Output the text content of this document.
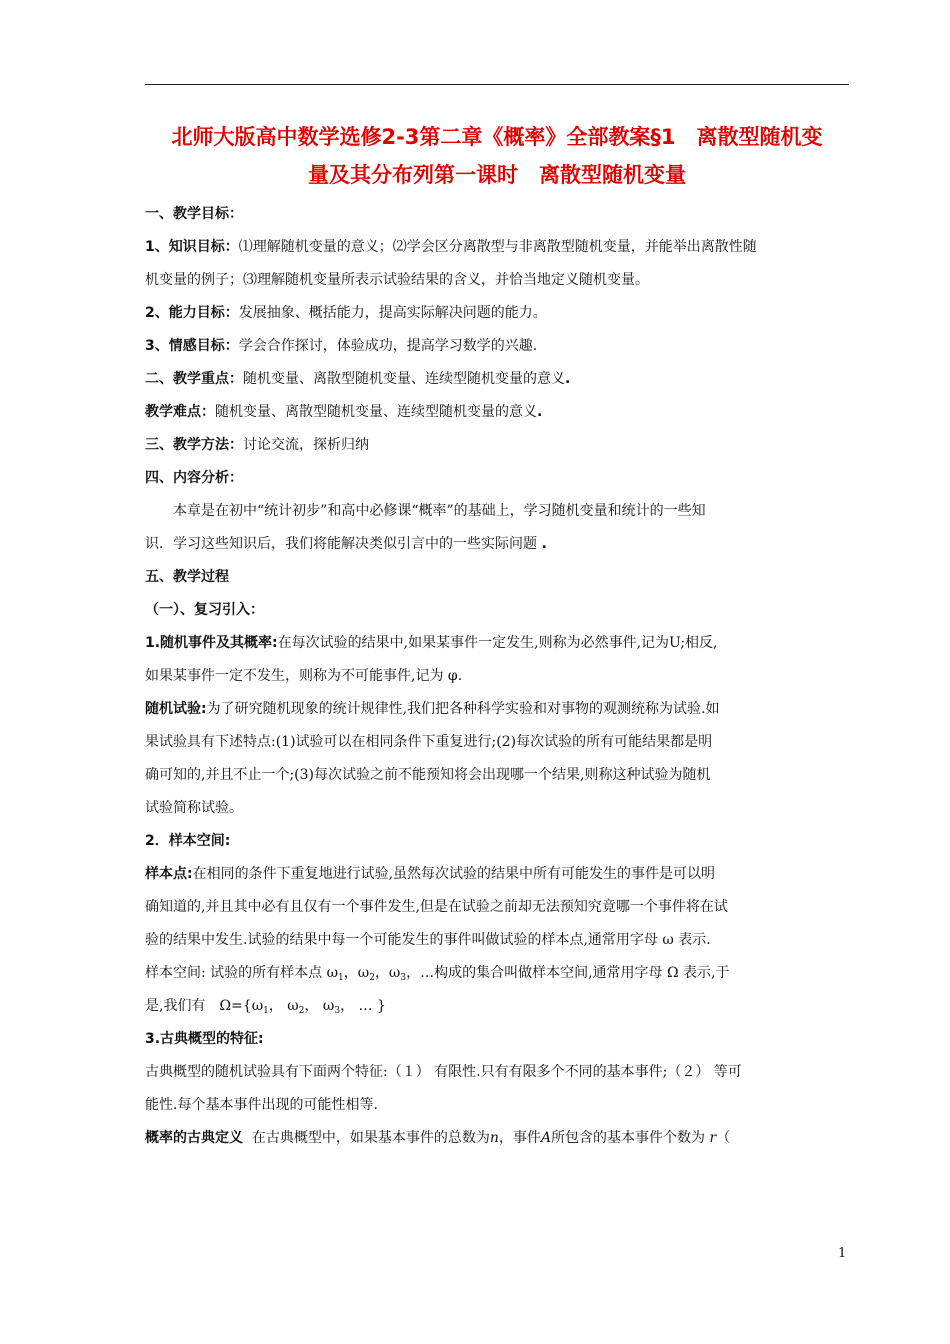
北师大版高中数学选修2-3第二章《概率》全部教案§1　离散型随机变
量及其分布列第一课时　离散型随机变量
一、教学目标：
1、知识目标：⑴理解随机变量的意义；⑵学会区分离散型与非离散型随机变量，并能举出离散性随
机变量的例子；⑶理解随机变量所表示试验结果的含义，并恰当地定义随机变量。
2、能力目标：发展抽象、概括能力，提高实际解决问题的能力。
3、情感目标：学会合作探讨，体验成功，提高学习数学的兴趣.
二、教学重点：随机变量、离散型随机变量、连续型随机变量的意义.
教学难点：随机变量、离散型随机变量、连续型随机变量的意义.
三、教学方法：讨论交流，探析归纳
四、内容分析：
本章是在初中“统计初步”和高中必修课“概率”的基础上，学习随机变量和统计的一些知
识．学习这些知识后，我们将能解决类似引言中的一些实际问题 .
五、教学过程
（一）、复习引入：
1.随机事件及其概率:在每次试验的结果中,如果某事件一定发生,则称为必然事件,记为U;相反,
如果某事件一定不发生，则称为不可能事件,记为 φ.
随机试验:为了研究随机现象的统计规律性,我们把各种科学实验和对事物的观测统称为试验.如
果试验具有下述特点:(1)试验可以在相同条件下重复进行;(2)每次试验的所有可能结果都是明
确可知的,并且不止一个;(3)每次试验之前不能预知将会出现哪一个结果,则称这种试验为随机
试验简称试验。
2．样本空间:
样本点:在相同的条件下重复地进行试验,虽然每次试验的结果中所有可能发生的事件是可以明
确知道的,并且其中必有且仅有一个事件发生,但是在试验之前却无法预知究竟哪一个事件将在试
验的结果中发生.试验的结果中每一个可能发生的事件叫做试验的样本点,通常用字母 ω 表示.
样本空间: 试验的所有样本点 $\omega_1$，$\omega_2$，$\omega_3$，…构成的集合叫做样本空间,通常用字母 Ω 表示,于
是,我们有　$\Omega=\{\omega_1$， $\omega_2$， $\omega_3$， … }
3.古典概型的特征:
古典概型的随机试验具有下面两个特征:（１） 有限性.只有有限多个不同的基本事件;（２） 等可
能性.每个基本事件出现的可能性相等.
概率的古典定义 在古典概型中，如果基本事件的总数为n，事件A所包含的基本事件个数为 r（
1
